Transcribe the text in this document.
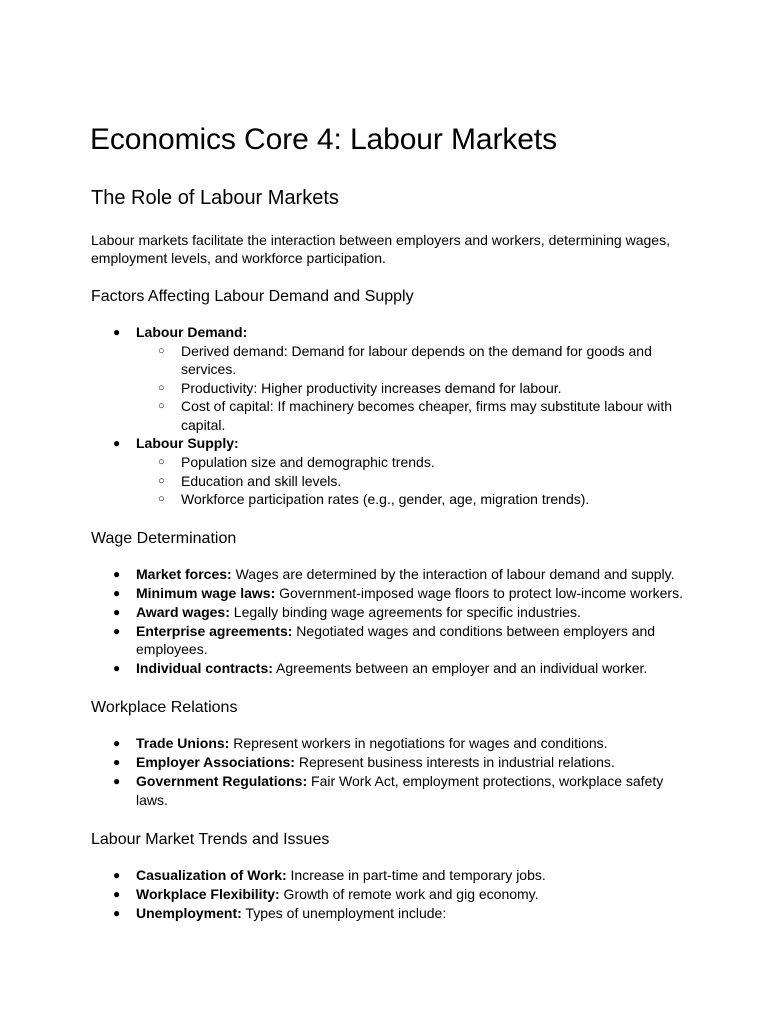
Economics Core 4: Labour Markets
The Role of Labour Markets

Labour markets facilitate the interaction between employers and workers, determining wages, employment levels, and workforce participation.

Factors Affecting Labour Demand and Supply
● Labour Demand:
○ Derived demand: Demand for labour depends on the demand for goods and services.
○ Productivity: Higher productivity increases demand for labour.
○ Cost of capital: If machinery becomes cheaper, firms may substitute labour with capital.
● Labour Supply:
○ Population size and demographic trends.
○ Education and skill levels.
○ Workforce participation rates (e.g., gender, age, migration trends).
Wage Determination
● Market forces: Wages are determined by the interaction of labour demand and supply.
● Minimum wage laws: Government-imposed wage floors to protect low-income workers.
● Award wages: Legally binding wage agreements for specific industries.
● Enterprise agreements: Negotiated wages and conditions between employers and employees.
● Individual contracts: Agreements between an employer and an individual worker.
Workplace Relations
● Trade Unions: Represent workers in negotiations for wages and conditions.
● Employer Associations: Represent business interests in industrial relations.
● Government Regulations: Fair Work Act, employment protections, workplace safety laws.
Labour Market Trends and Issues
● Casualization of Work: Increase in part-time and temporary jobs.
● Workplace Flexibility: Growth of remote work and gig economy.
● Unemployment: Types of unemployment include:
